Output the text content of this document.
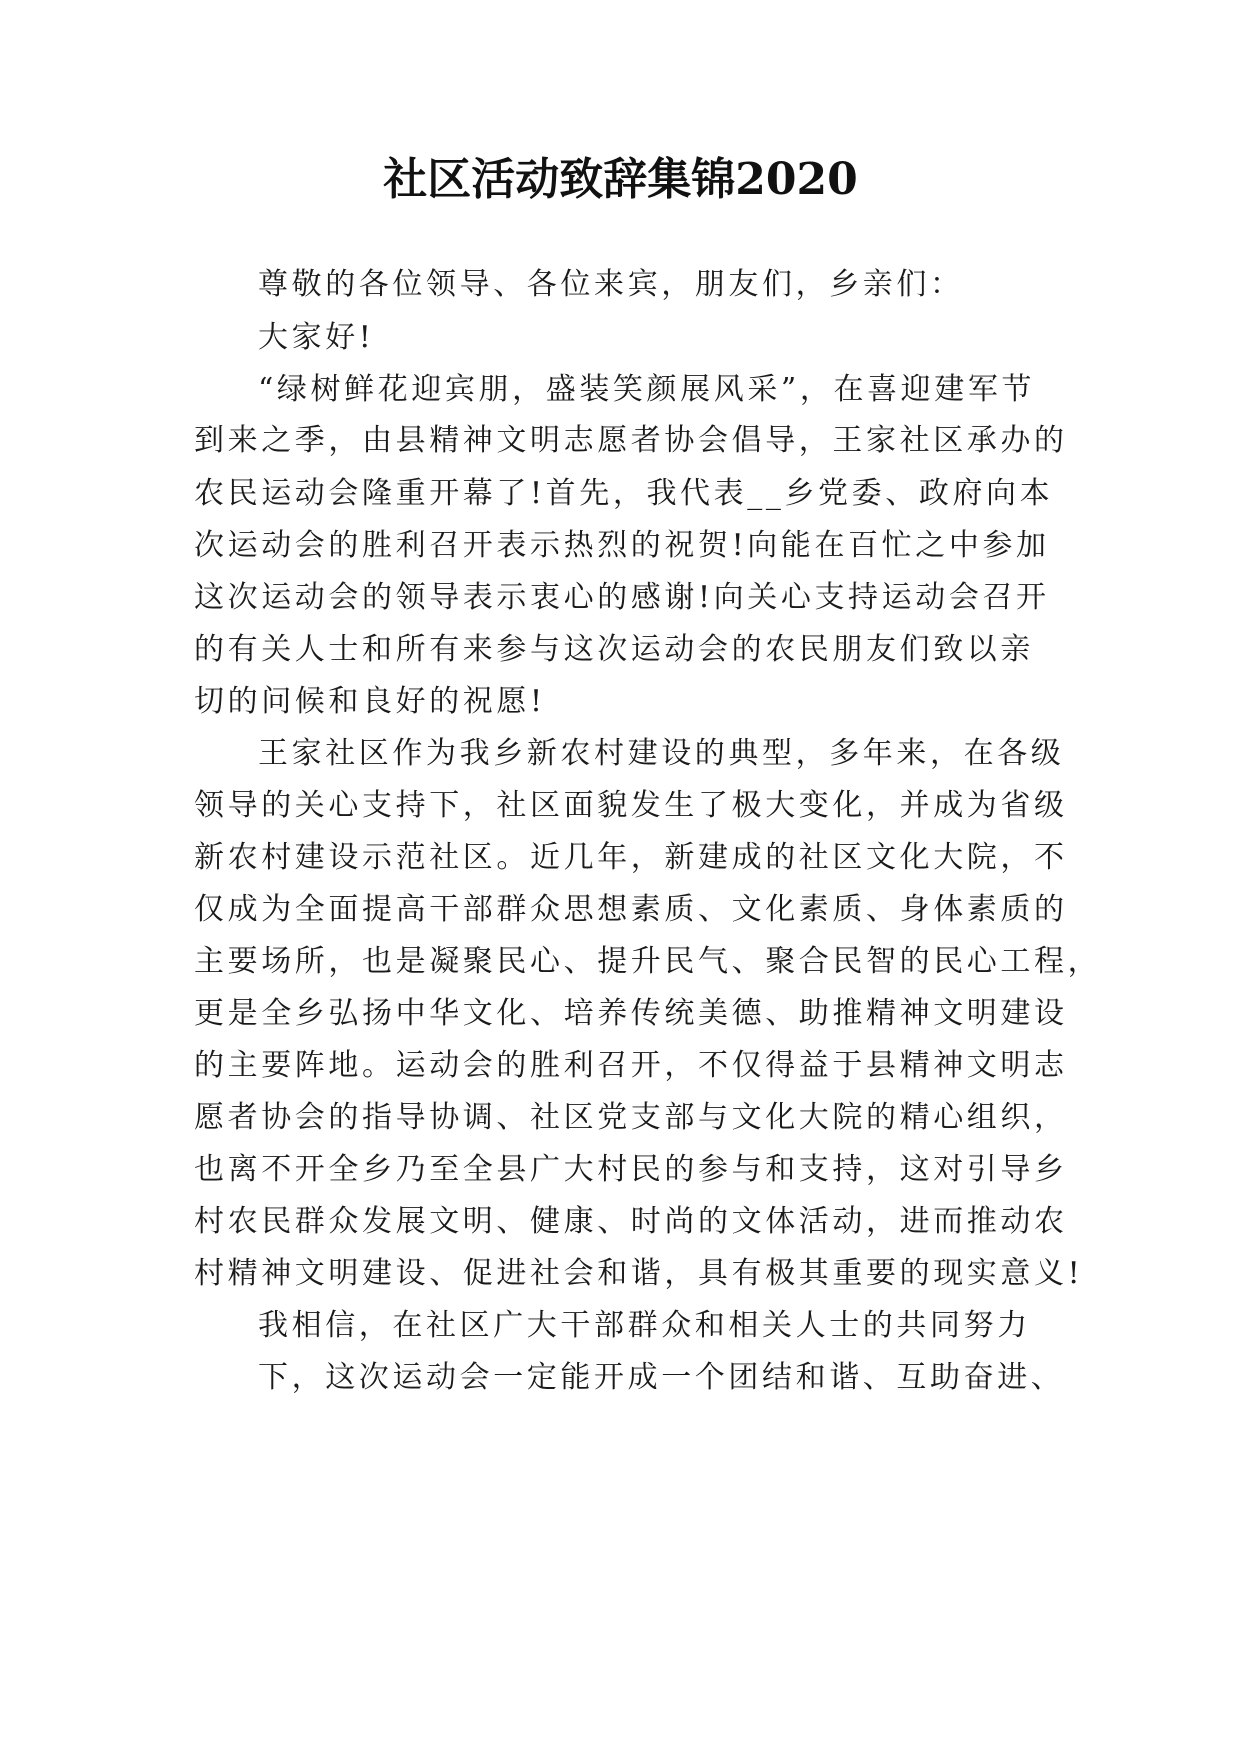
社区活动致辞集锦2020
尊敬的各位领导、各位来宾，朋友们，乡亲们：
大家好!
“绿树鲜花迎宾朋，盛装笑颜展风采”，在喜迎建军节
到来之季，由县精神文明志愿者协会倡导，王家社区承办的
农民运动会隆重开幕了!首先，我代表__乡党委、政府向本
次运动会的胜利召开表示热烈的祝贺!向能在百忙之中参加
这次运动会的领导表示衷心的感谢!向关心支持运动会召开
的有关人士和所有来参与这次运动会的农民朋友们致以亲
切的问候和良好的祝愿!
王家社区作为我乡新农村建设的典型，多年来，在各级
领导的关心支持下，社区面貌发生了极大变化，并成为省级
新农村建设示范社区。近几年，新建成的社区文化大院，不
仅成为全面提高干部群众思想素质、文化素质、身体素质的
主要场所，也是凝聚民心、提升民气、聚合民智的民心工程，
更是全乡弘扬中华文化、培养传统美德、助推精神文明建设
的主要阵地。运动会的胜利召开，不仅得益于县精神文明志
愿者协会的指导协调、社区党支部与文化大院的精心组织，
也离不开全乡乃至全县广大村民的参与和支持，这对引导乡
村农民群众发展文明、健康、时尚的文体活动，进而推动农
村精神文明建设、促进社会和谐，具有极其重要的现实意义!
我相信，在社区广大干部群众和相关人士的共同努力
下，这次运动会一定能开成一个团结和谐、互助奋进、
